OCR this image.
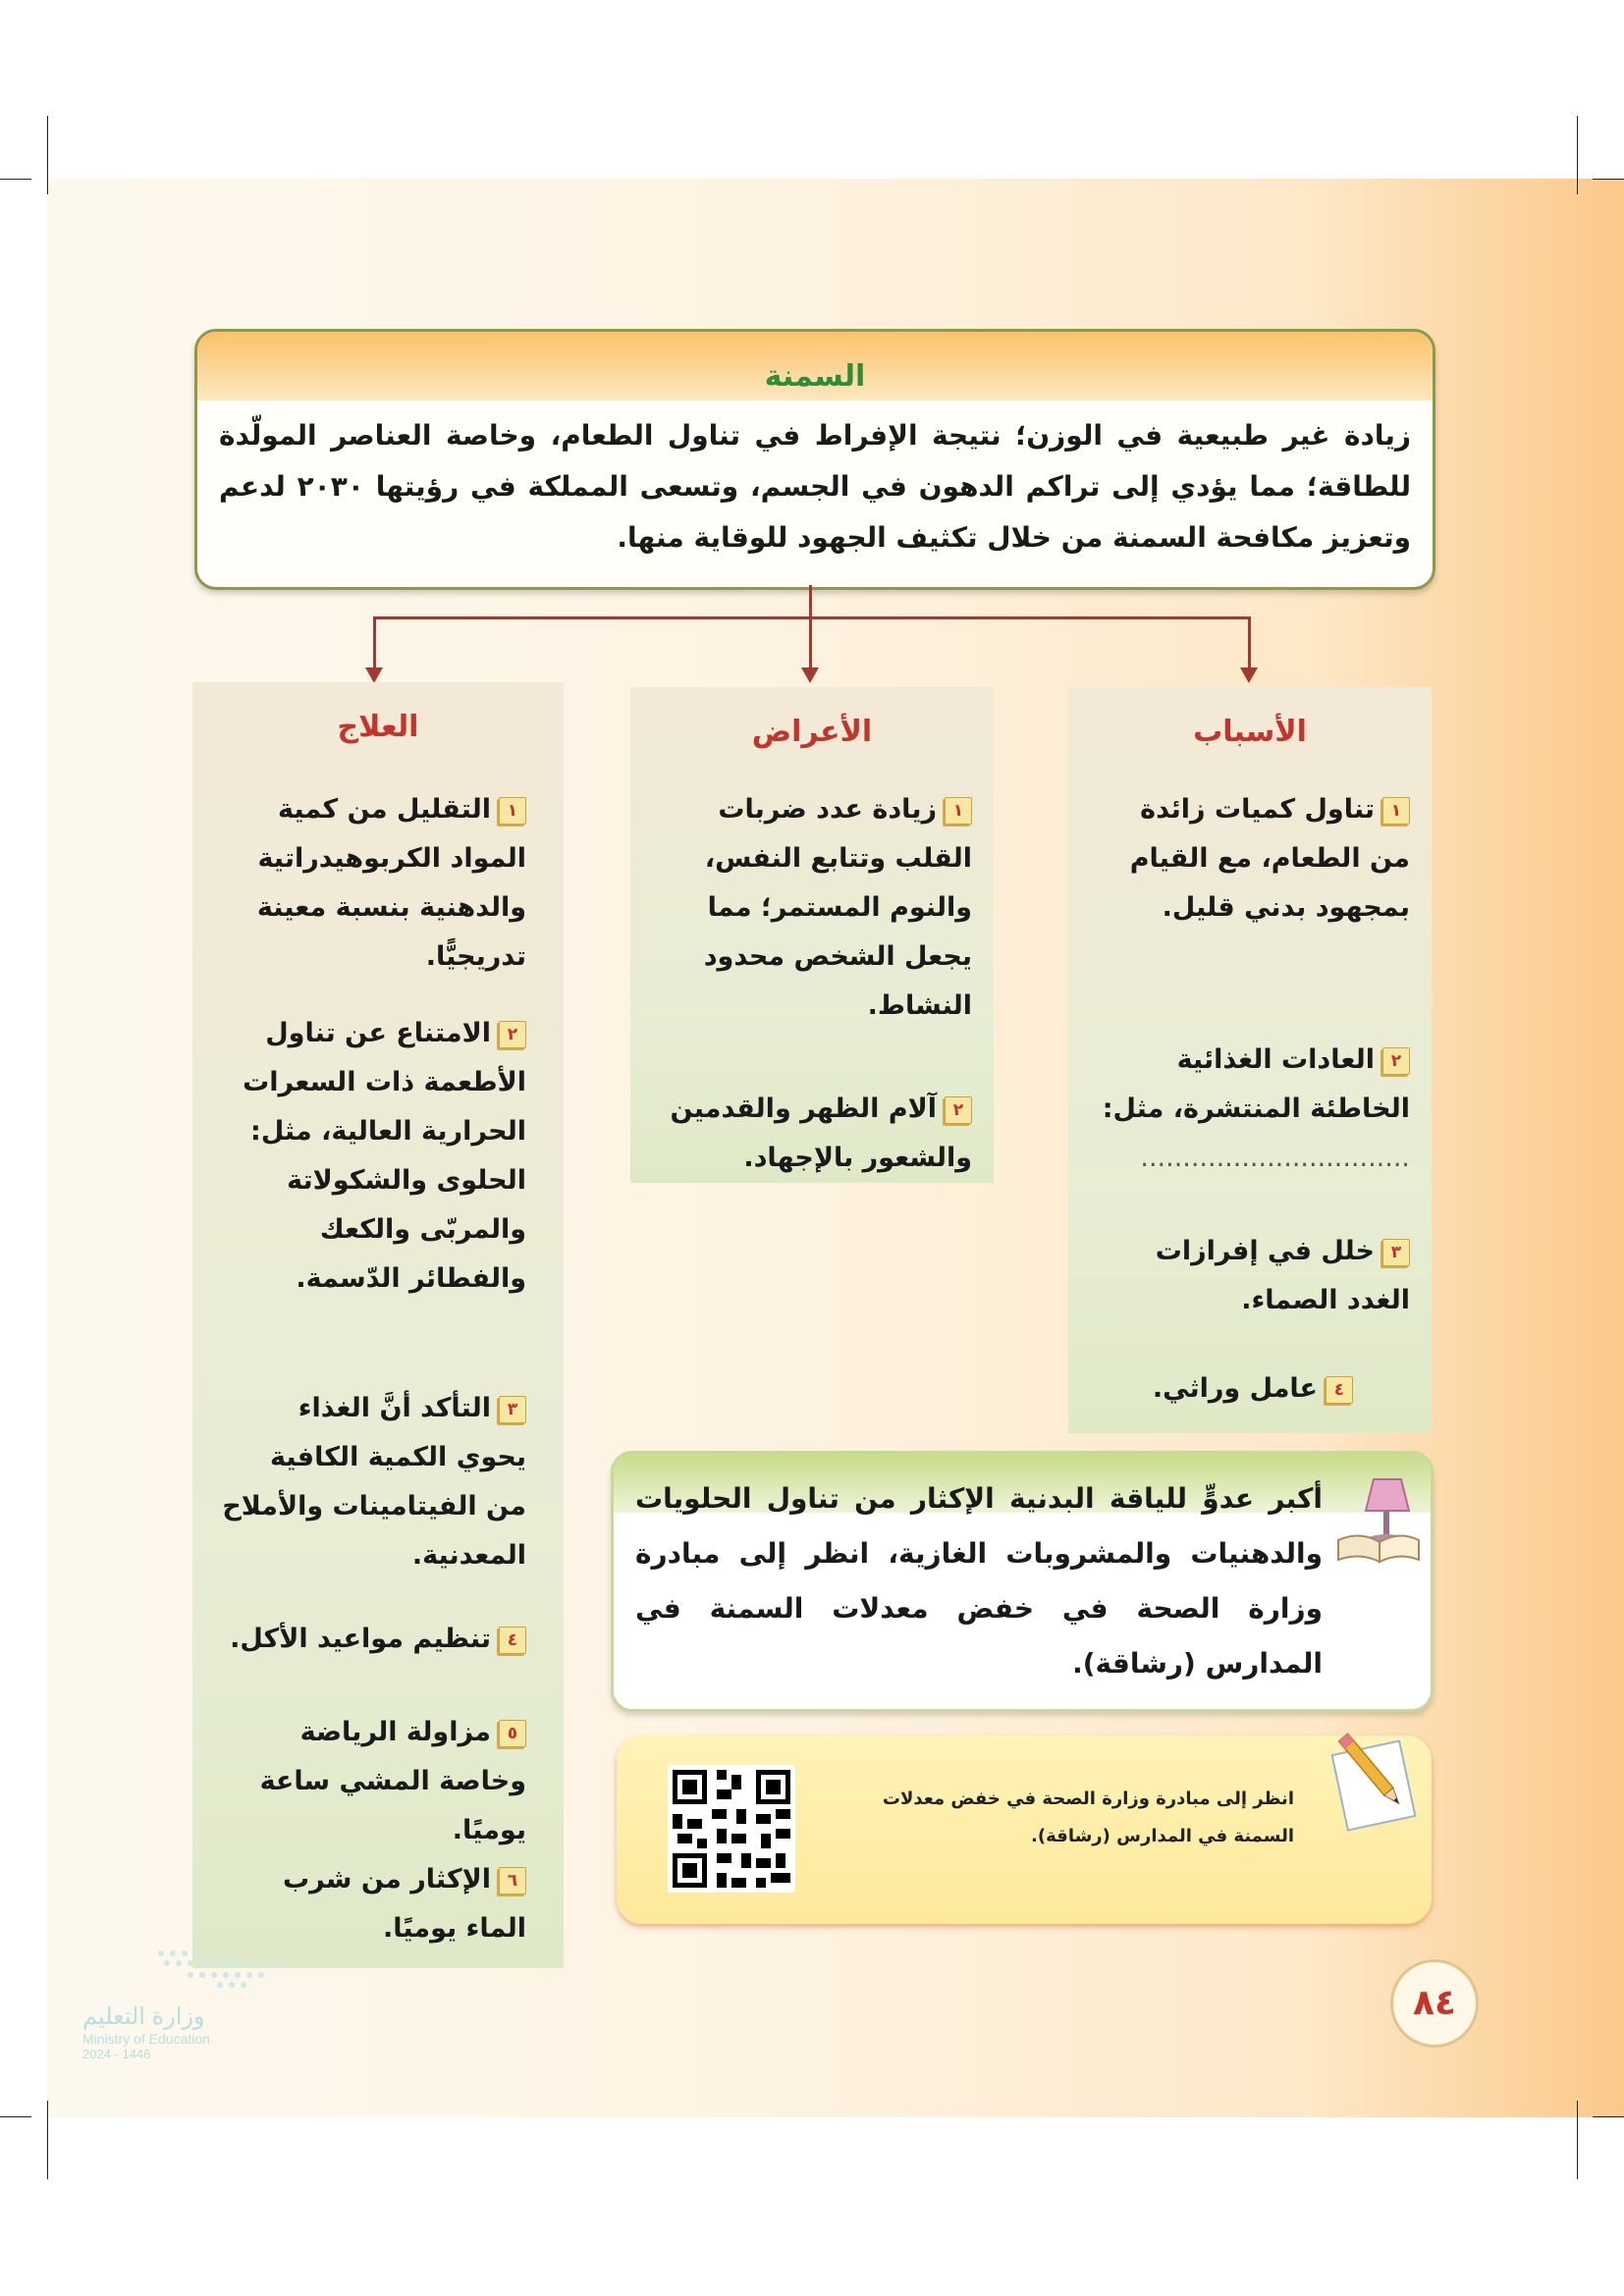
السمنة
زيادة غير طبيعية في الوزن؛ نتيجة الإفراط في تناول الطعام، وخاصة العناصر المولّدة للطاقة؛ مما يؤدي إلى تراكم الدهون في الجسم، وتسعى المملكة في رؤيتها ٢٠٣٠ لدعم وتعزيز مكافحة السمنة من خلال تكثيف الجهود للوقاية منها.
الأسباب
١تناول كميات زائدة من الطعام، مع القيام بمجهود بدني قليل.
٢العادات الغذائية الخاطئة المنتشرة، مثل: ................................
٣خلل في إفرازات الغدد الصماء.
٤عامل وراثي.
الأعراض
١زيادة عدد ضربات القلب وتتابع النفس، والنوم المستمر؛ مما يجعل الشخص محدود النشاط.
٢آلام الظهر والقدمين والشعور بالإجهاد.
العلاج
١التقليل من كمية المواد الكربوهيدراتية والدهنية بنسبة معينة تدريجيًّا.
٢الامتناع عن تناول الأطعمة ذات السعرات الحرارية العالية، مثل: الحلوى والشكولاتة والمربّى والكعك والفطائر الدّسمة.
٣التأكد أنَّ الغذاء يحوي الكمية الكافية من الفيتامينات والأملاح المعدنية.
٤تنظيم مواعيد الأكل.
٥مزاولة الرياضة وخاصة المشي ساعة يوميًا.
٦الإكثار من شرب الماء يوميًا.
أكبر عدوٍّ للياقة البدنية الإكثار من تناول الحلويات والدهنيات والمشروبات الغازية، انظر إلى مبادرة وزارة الصحة في خفض معدلات السمنة في المدارس (رشاقة).
انظر إلى مبادرة وزارة الصحة في خفض معدلات السمنة في المدارس (رشاقة).
٨٤
وزارة التعليم
Ministry of Education
2024 - 1446
